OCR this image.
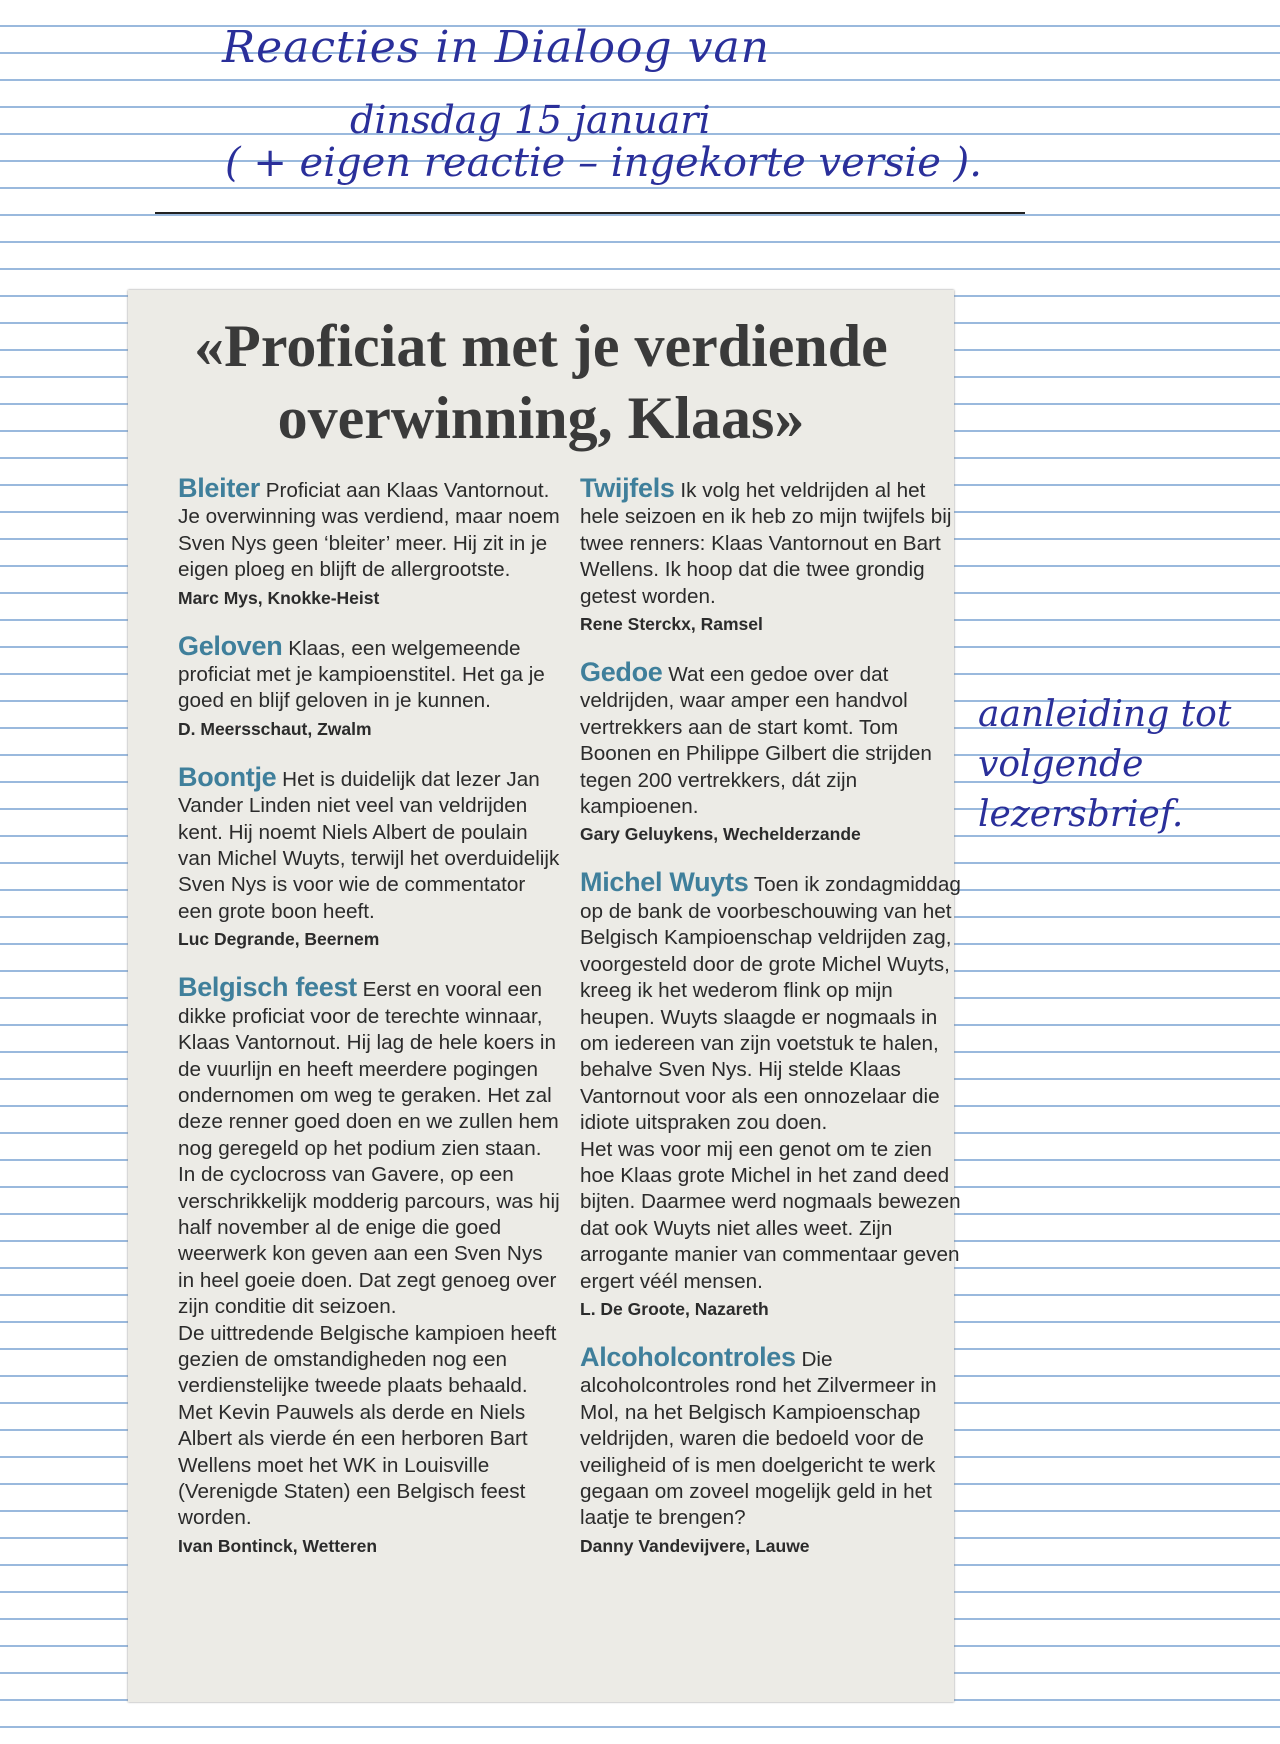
Reacties in Dialoog van
dinsdag 15 januari
( + eigen reactie – ingekorte versie ).
aanleiding tot volgende lezersbrief.
«Proficiat met je verdiende overwinning, Klaas»

Bleiter Proficiat aan Klaas Vantornout. Je overwinning was verdiend, maar noem Sven Nys geen ‘bleiter’ meer. Hij zit in je eigen ploeg en blijft de allergrootste.

Marc Mys, Knokke-Heist

Geloven Klaas, een welgemeende proficiat met je kampioenstitel. Het ga je goed en blijf geloven in je kunnen.

D. Meersschaut, Zwalm

Boontje Het is duidelijk dat lezer Jan Vander Linden niet veel van veldrijden kent. Hij noemt Niels Albert de poulain van Michel Wuyts, terwijl het overduidelijk Sven Nys is voor wie de commentator een grote boon heeft.

Luc Degrande, Beernem

Belgisch feest Eerst en vooral een dikke proficiat voor de terechte winnaar, Klaas Vantornout. Hij lag de hele koers in de vuurlijn en heeft meerdere pogingen ondernomen om weg te geraken. Het zal deze renner goed doen en we zullen hem nog geregeld op het podium zien staan. In de cyclocross van Gavere, op een verschrikkelijk modderig parcours, was hij half november al de enige die goed weerwerk kon geven aan een Sven Nys in heel goeie doen. Dat zegt genoeg over zijn conditie dit seizoen.

De uittredende Belgische kampioen heeft gezien de omstandigheden nog een verdienstelijke tweede plaats behaald. Met Kevin Pauwels als derde en Niels Albert als vierde én een herboren Bart Wellens moet het WK in Louisville (Verenigde Staten) een Belgisch feest worden.

Ivan Bontinck, Wetteren

Twijfels Ik volg het veldrijden al het hele seizoen en ik heb zo mijn twijfels bij twee renners: Klaas Vantornout en Bart Wellens. Ik hoop dat die twee grondig getest worden.

Rene Sterckx, Ramsel

Gedoe Wat een gedoe over dat veldrijden, waar amper een handvol vertrekkers aan de start komt. Tom Boonen en Philippe Gilbert die strijden tegen 200 vertrekkers, dát zijn kampioenen.

Gary Geluykens, Wechelderzande

Michel Wuyts Toen ik zondagmiddag op de bank de voorbeschouwing van het Belgisch Kampioenschap veldrijden zag, voorgesteld door de grote Michel Wuyts, kreeg ik het wederom flink op mijn heupen. Wuyts slaagde er nogmaals in om iedereen van zijn voetstuk te halen, behalve Sven Nys. Hij stelde Klaas Vantornout voor als een onnozelaar die idiote uitspraken zou doen.

Het was voor mij een genot om te zien hoe Klaas grote Michel in het zand deed bijten. Daarmee werd nogmaals bewezen dat ook Wuyts niet alles weet. Zijn arrogante manier van commentaar geven ergert véél mensen.

L. De Groote, Nazareth

Alcoholcontroles Die alcoholcontroles rond het Zilvermeer in Mol, na het Belgisch Kampioenschap veldrijden, waren die bedoeld voor de veiligheid of is men doelgericht te werk gegaan om zoveel mogelijk geld in het laatje te brengen?

Danny Vandevijvere, Lauwe
